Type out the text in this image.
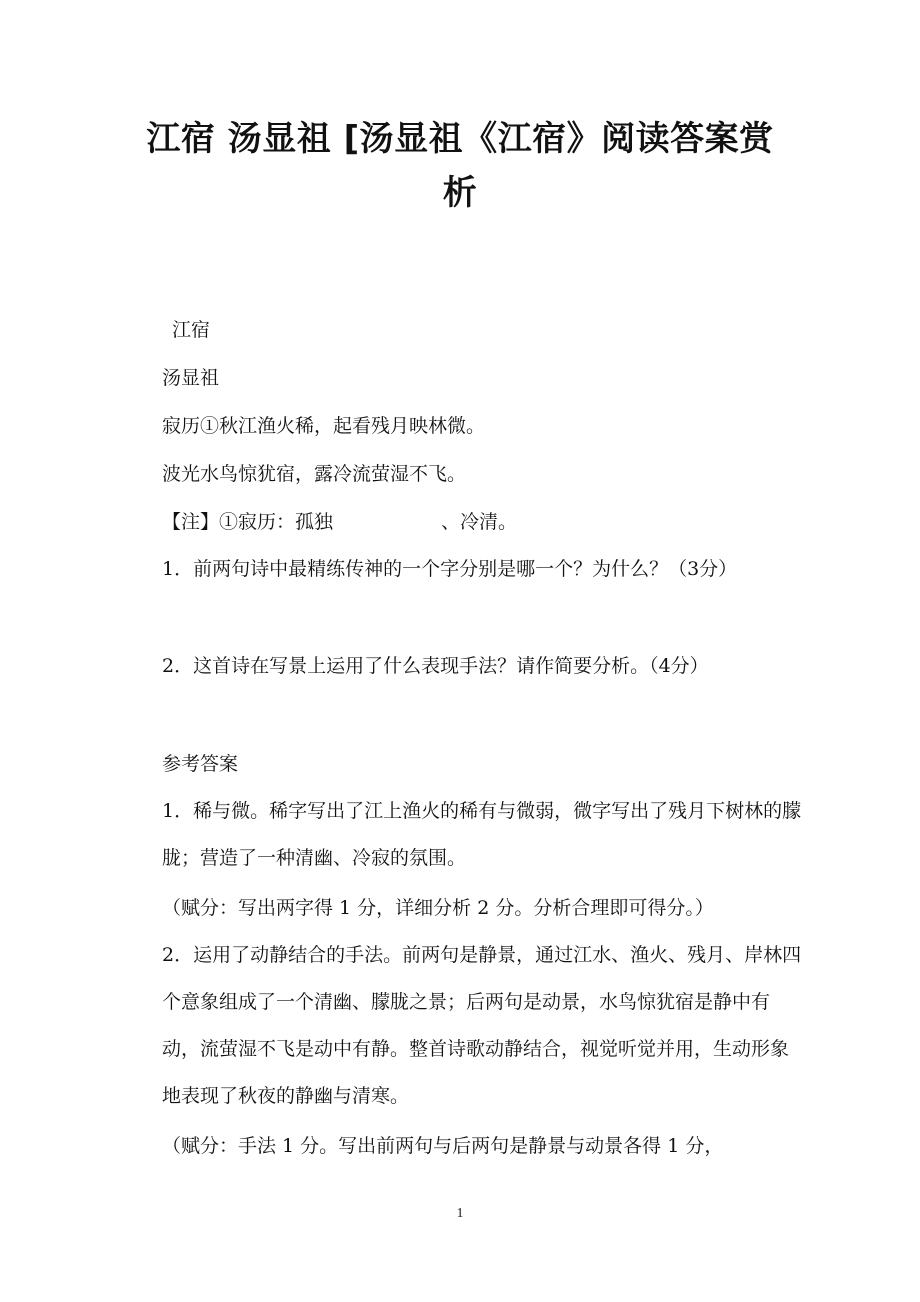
江宿 汤显祖 [汤显祖《江宿》阅读答案赏析
江宿
汤显祖
寂历①秋江渔火稀，起看残月映林微。
波光水鸟惊犹宿，露冷流萤湿不飞。
【注】①寂历：孤独	、冷清。
1．前两句诗中最精练传神的一个字分别是哪一个？为什么？（3分）
2．这首诗在写景上运用了什么表现手法？请作简要分析。（4分）
参考答案
1．稀与微。稀字写出了江上渔火的稀有与微弱，微字写出了残月下树林的朦胧；营造了一种清幽、冷寂的氛围。
（赋分：写出两字得 1 分，详细分析 2 分。分析合理即可得分。）
2．运用了动静结合的手法。前两句是静景，通过江水、渔火、残月、岸林四个意象组成了一个清幽、朦胧之景；后两句是动景，水鸟惊犹宿是静中有动，流萤湿不飞是动中有静。整首诗歌动静结合，视觉听觉并用，生动形象地表现了秋夜的静幽与清寒。
（赋分：手法 1 分。写出前两句与后两句是静景与动景各得 1 分，
1
